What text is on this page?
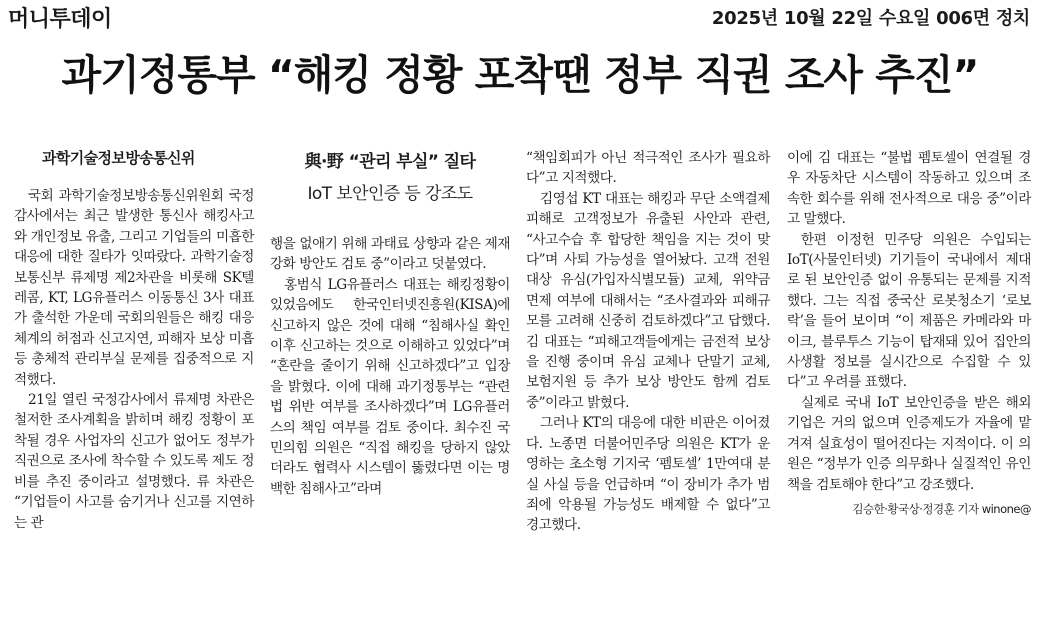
머니투데이	2025년 10월 22일 수요일 006면 정치
과기정통부 “해킹 정황 포착땐 정부 직권 조사 추진”
과학기술정보방송통신위

국회 과학기술정보방송통신위원회 국정감사에서는 최근 발생한 통신사 해킹사고와 개인정보 유출, 그리고 기업들의 미흡한 대응에 대한 질타가 잇따랐다. 과학기술정보통신부 류제명 제2차관을 비롯해 SK텔레콤, KT, LG유플러스 이동통신 3사 대표가 출석한 가운데 국회의원들은 해킹 대응체계의 허점과 신고지연, 피해자 보상 미흡 등 총체적 관리부실 문제를 집중적으로 지적했다.

21일 열린 국정감사에서 류제명 차관은 철저한 조사계획을 밝히며 해킹 정황이 포착될 경우 사업자의 신고가 없어도 정부가 직권으로 조사에 착수할 수 있도록 제도 정비를 추진 중이라고 설명했다. 류 차관은 “기업들이 사고를 숨기거나 신고를 지연하는 관

與·野 “관리 부실” 질타
IoT 보안인증 등 강조도

행을 없애기 위해 과태료 상향과 같은 제재강화 방안도 검토 중”이라고 덧붙였다.

홍범식 LG유플러스 대표는 해킹정황이 있었음에도 한국인터넷진흥원(KISA)에 신고하지 않은 것에 대해 “침해사실 확인 이후 신고하는 것으로 이해하고 있었다”며 “혼란을 줄이기 위해 신고하겠다”고 입장을 밝혔다. 이에 대해 과기정통부는 “관련 법 위반 여부를 조사하겠다”며 LG유플러스의 책임 여부를 검토 중이다. 최수진 국민의힘 의원은 “직접 해킹을 당하지 않았더라도 협력사 시스템이 뚫렸다면 이는 명백한 침해사고”라며

“책임회피가 아닌 적극적인 조사가 필요하다”고 지적했다.

김영섭 KT 대표는 해킹과 무단 소액결제 피해로 고객정보가 유출된 사안과 관련, “사고수습 후 합당한 책임을 지는 것이 맞다”며 사퇴 가능성을 열어놨다. 고객 전원 대상 유심(가입자식별모듈) 교체, 위약금 면제 여부에 대해서는 “조사결과와 피해규모를 고려해 신중히 검토하겠다”고 답했다. 김 대표는 “피해고객들에게는 금전적 보상을 진행 중이며 유심 교체나 단말기 교체, 보험지원 등 추가 보상 방안도 함께 검토 중”이라고 밝혔다.

그러나 KT의 대응에 대한 비판은 이어졌다. 노종면 더불어민주당 의원은 KT가 운영하는 초소형 기지국 ‘펨토셀’ 1만여대 분실 사실 등을 언급하며 “이 장비가 추가 범죄에 악용될 가능성도 배제할 수 없다”고 경고했다.

이에 김 대표는 “불법 펨토셀이 연결될 경우 자동차단 시스템이 작동하고 있으며 조속한 회수를 위해 전사적으로 대응 중”이라고 말했다.

한편 이정헌 민주당 의원은 수입되는 IoT(사물인터넷) 기기들이 국내에서 제대로 된 보안인증 없이 유통되는 문제를 지적했다. 그는 직접 중국산 로봇청소기 ‘로보락’을 들어 보이며 “이 제품은 카메라와 마이크, 블루투스 기능이 탑재돼 있어 집안의 사생활 정보를 실시간으로 수집할 수 있다”고 우려를 표했다.

실제로 국내 IoT 보안인증을 받은 해외기업은 거의 없으며 인증제도가 자율에 맡겨져 실효성이 떨어진다는 지적이다. 이 의원은 “정부가 인증 의무화나 실질적인 유인책을 검토해야 한다”고 강조했다.

김승한·황국상·정경훈 기자 winone@
